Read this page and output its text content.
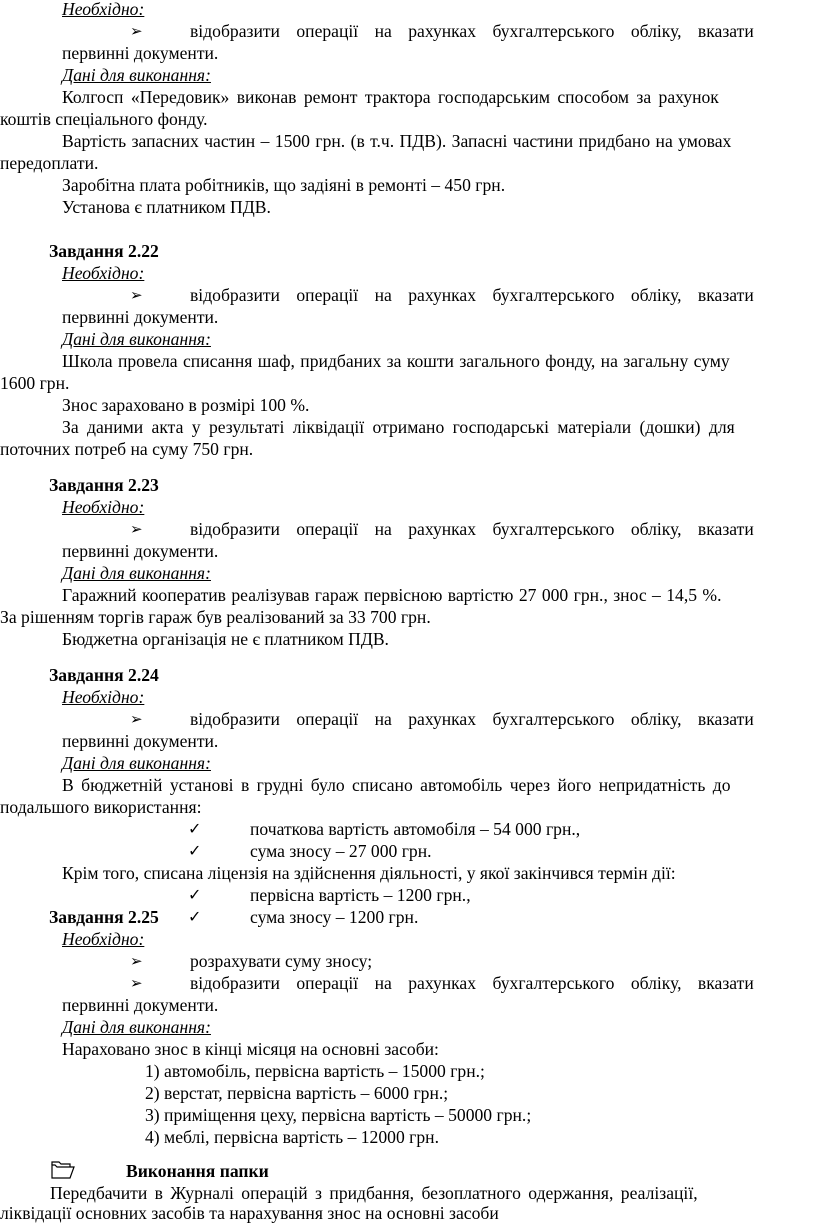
Необхідно:
➢	відобразити операції на рахунках бухгалтерського обліку, вказати
первинні документи.
Дані для виконання:
Колгосп «Передовик» виконав ремонт трактора господарським способом за рахунок
коштів спеціального фонду.
Вартість запасних частин – 1500 грн. (в т.ч. ПДВ). Запасні частини придбано на умовах
передоплати.
Заробітна плата робітників, що задіяні в ремонті – 450 грн.
Установа є платником ПДВ.
Завдання 2.22
Необхідно:
➢	відобразити операції на рахунках бухгалтерського обліку, вказати
первинні документи.
Дані для виконання:
Школа провела списання шаф, придбаних за кошти загального фонду, на загальну суму
1600 грн.
Знос зараховано в розмірі 100 %.
За даними акта у результаті ліквідації отримано господарські матеріали (дошки) для
поточних потреб на суму 750 грн.
Завдання 2.23
Необхідно:
➢	відобразити операції на рахунках бухгалтерського обліку, вказати
первинні документи.
Дані для виконання:
Гаражний кооператив реалізував гараж первісною вартістю 27 000 грн., знос – 14,5 %.
За рішенням торгів гараж був реалізований за 33 700 грн.
Бюджетна організація не є платником ПДВ.
Завдання 2.24
Необхідно:
➢	відобразити операції на рахунках бухгалтерського обліку, вказати
первинні документи.
Дані для виконання:
В бюджетній установі в грудні було списано автомобіль через його непридатність до
подальшого використання:
✓	початкова вартість автомобіля – 54 000 грн.,
✓	сума зносу – 27 000 грн.
Крім того, списана ліцензія на здійснення діяльності, у якої закінчився термін дії:
✓	первісна вартість – 1200 грн.,
✓	сума зносу – 1200 грн.
Завдання 2.25
Необхідно:
➢	розрахувати суму зносу;
➢	відобразити операції на рахунках бухгалтерського обліку, вказати
первинні документи.
Дані для виконання:
Нараховано знос в кінці місяця на основні засоби:
1) автомобіль, первісна вартість – 15000 грн.;
2) верстат, первісна вартість – 6000 грн.;
3) приміщення цеху, первісна вартість – 50000 грн.;
4) меблі, первісна вартість – 12000 грн.
Виконання папки
Передбачити в Журналі операцій з придбання, безоплатного одержання, реалізації,
ліквідації основних засобів та нарахування знос на основні засоби
